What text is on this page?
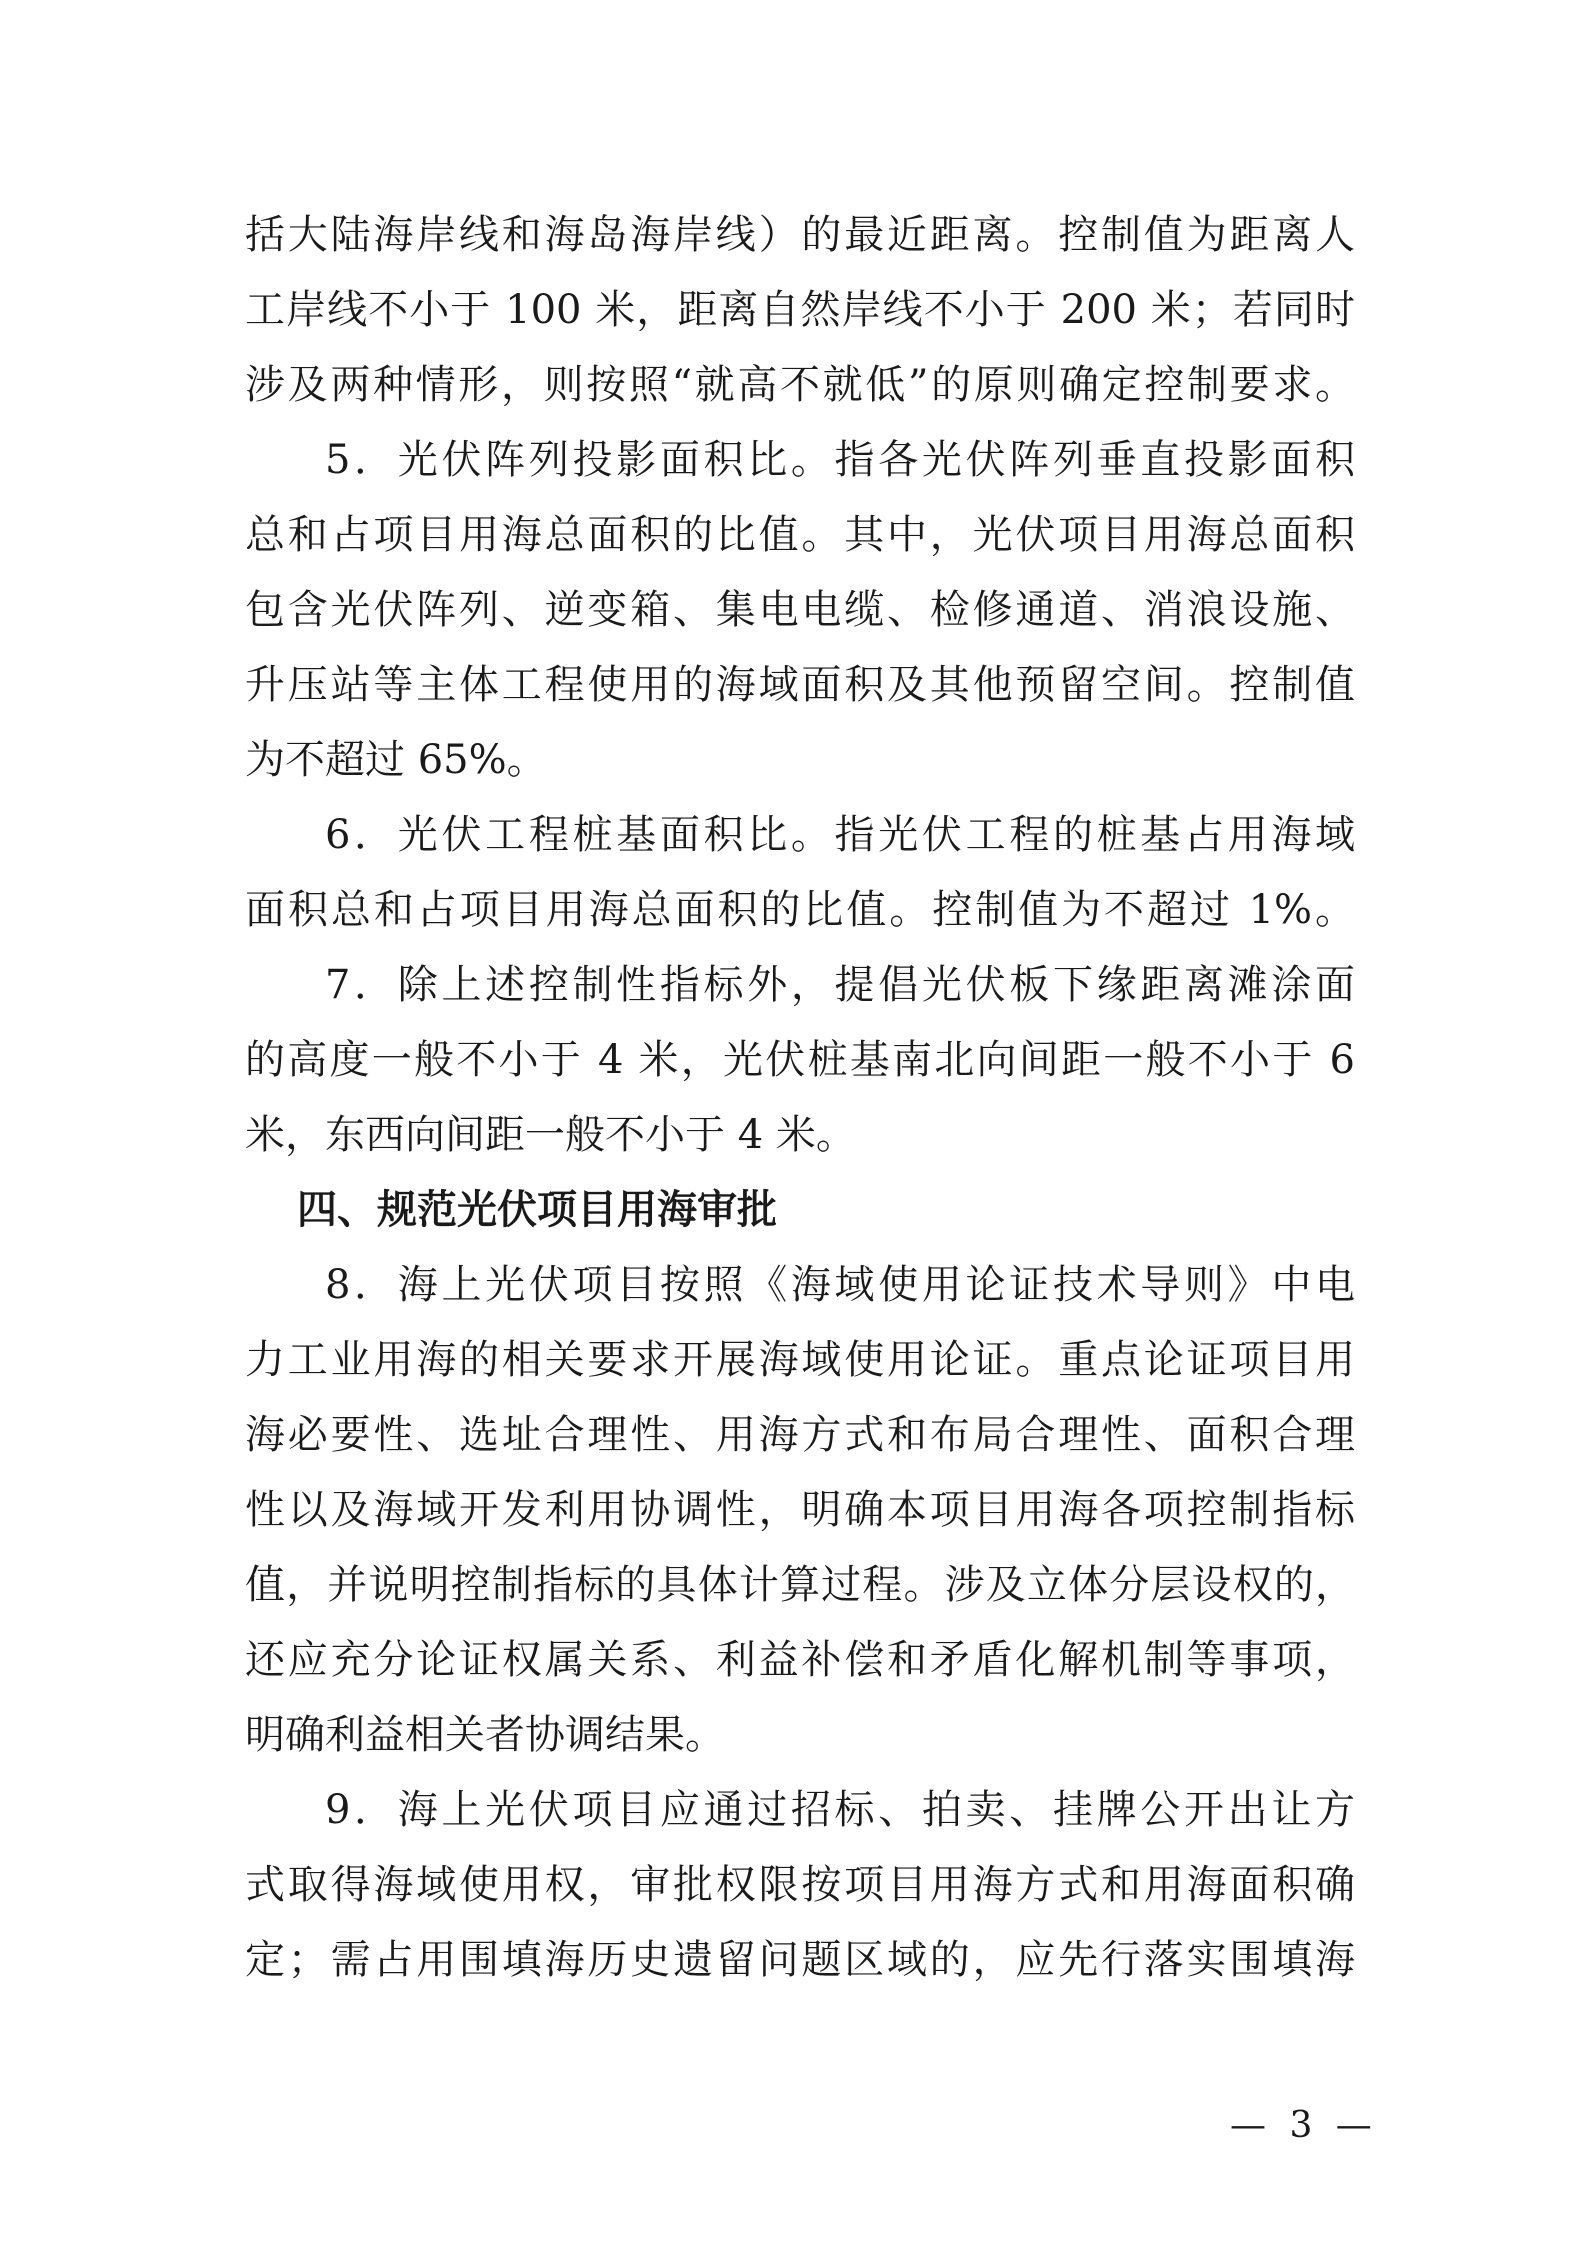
括大陆海岸线和海岛海岸线）的最近距离。控制值为距离人
工岸线不小于 100 米，距离自然岸线不小于 200 米；若同时
涉及两种情形，则按照“就高不就低”的原则确定控制要求。
5．光伏阵列投影面积比。指各光伏阵列垂直投影面积
总和占项目用海总面积的比值。其中，光伏项目用海总面积
包含光伏阵列、逆变箱、集电电缆、检修通道、消浪设施、
升压站等主体工程使用的海域面积及其他预留空间。控制值
为不超过 65%。
6．光伏工程桩基面积比。指光伏工程的桩基占用海域
面积总和占项目用海总面积的比值。控制值为不超过 1%。
7．除上述控制性指标外，提倡光伏板下缘距离滩涂面
的高度一般不小于 4 米，光伏桩基南北向间距一般不小于 6
米，东西向间距一般不小于 4 米。
四、规范光伏项目用海审批
8．海上光伏项目按照《海域使用论证技术导则》中电
力工业用海的相关要求开展海域使用论证。重点论证项目用
海必要性、选址合理性、用海方式和布局合理性、面积合理
性以及海域开发利用协调性，明确本项目用海各项控制指标
值，并说明控制指标的具体计算过程。涉及立体分层设权的，
还应充分论证权属关系、利益补偿和矛盾化解机制等事项，
明确利益相关者协调结果。
9．海上光伏项目应通过招标、拍卖、挂牌公开出让方
式取得海域使用权，审批权限按项目用海方式和用海面积确
定；需占用围填海历史遗留问题区域的，应先行落实围填海
— 3 —
